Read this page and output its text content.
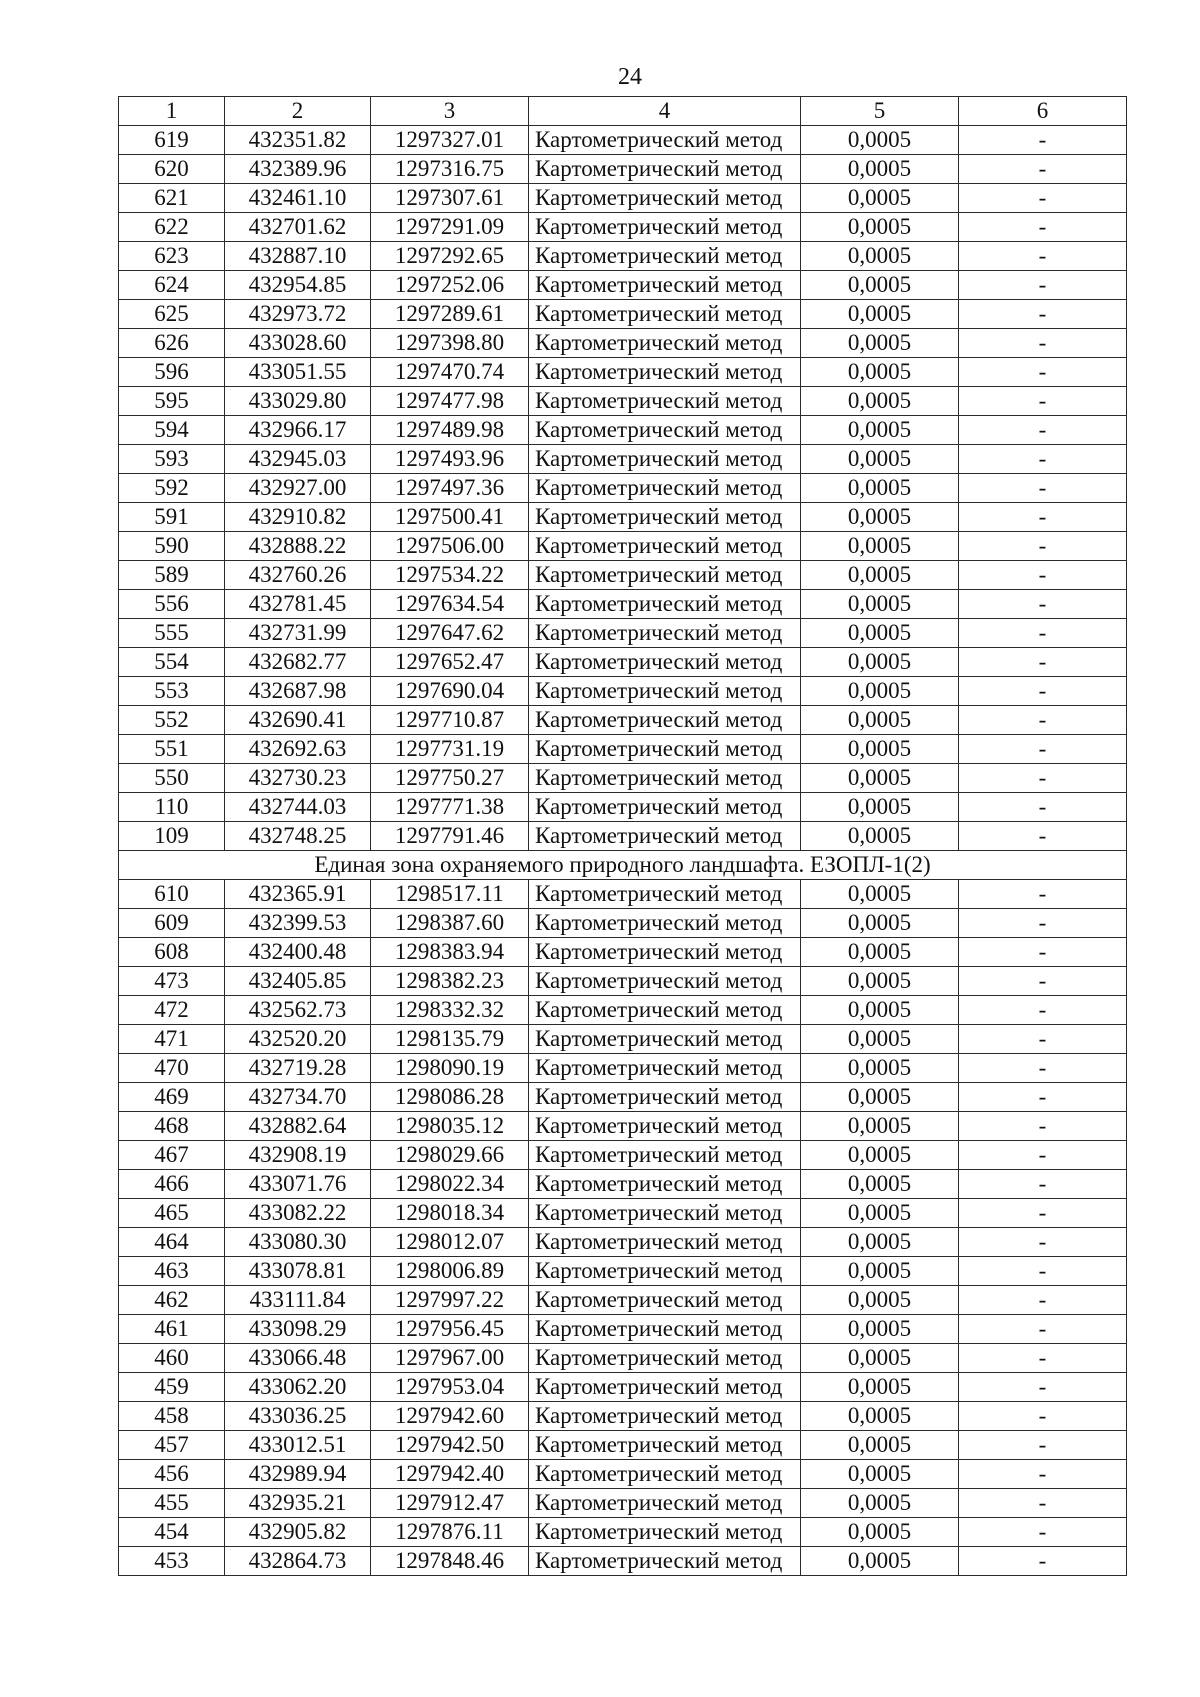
24
1	2	3	4	5	6
619	432351.82	1297327.01	Картометрический метод	0,0005	-
620	432389.96	1297316.75	Картометрический метод	0,0005	-
621	432461.10	1297307.61	Картометрический метод	0,0005	-
622	432701.62	1297291.09	Картометрический метод	0,0005	-
623	432887.10	1297292.65	Картометрический метод	0,0005	-
624	432954.85	1297252.06	Картометрический метод	0,0005	-
625	432973.72	1297289.61	Картометрический метод	0,0005	-
626	433028.60	1297398.80	Картометрический метод	0,0005	-
596	433051.55	1297470.74	Картометрический метод	0,0005	-
595	433029.80	1297477.98	Картометрический метод	0,0005	-
594	432966.17	1297489.98	Картометрический метод	0,0005	-
593	432945.03	1297493.96	Картометрический метод	0,0005	-
592	432927.00	1297497.36	Картометрический метод	0,0005	-
591	432910.82	1297500.41	Картометрический метод	0,0005	-
590	432888.22	1297506.00	Картометрический метод	0,0005	-
589	432760.26	1297534.22	Картометрический метод	0,0005	-
556	432781.45	1297634.54	Картометрический метод	0,0005	-
555	432731.99	1297647.62	Картометрический метод	0,0005	-
554	432682.77	1297652.47	Картометрический метод	0,0005	-
553	432687.98	1297690.04	Картометрический метод	0,0005	-
552	432690.41	1297710.87	Картометрический метод	0,0005	-
551	432692.63	1297731.19	Картометрический метод	0,0005	-
550	432730.23	1297750.27	Картометрический метод	0,0005	-
110	432744.03	1297771.38	Картометрический метод	0,0005	-
109	432748.25	1297791.46	Картометрический метод	0,0005	-
Единая зона охраняемого природного ландшафта. ЕЗОПЛ-1(2)					
610	432365.91	1298517.11	Картометрический метод	0,0005	-
609	432399.53	1298387.60	Картометрический метод	0,0005	-
608	432400.48	1298383.94	Картометрический метод	0,0005	-
473	432405.85	1298382.23	Картометрический метод	0,0005	-
472	432562.73	1298332.32	Картометрический метод	0,0005	-
471	432520.20	1298135.79	Картометрический метод	0,0005	-
470	432719.28	1298090.19	Картометрический метод	0,0005	-
469	432734.70	1298086.28	Картометрический метод	0,0005	-
468	432882.64	1298035.12	Картометрический метод	0,0005	-
467	432908.19	1298029.66	Картометрический метод	0,0005	-
466	433071.76	1298022.34	Картометрический метод	0,0005	-
465	433082.22	1298018.34	Картометрический метод	0,0005	-
464	433080.30	1298012.07	Картометрический метод	0,0005	-
463	433078.81	1298006.89	Картометрический метод	0,0005	-
462	433111.84	1297997.22	Картометрический метод	0,0005	-
461	433098.29	1297956.45	Картометрический метод	0,0005	-
460	433066.48	1297967.00	Картометрический метод	0,0005	-
459	433062.20	1297953.04	Картометрический метод	0,0005	-
458	433036.25	1297942.60	Картометрический метод	0,0005	-
457	433012.51	1297942.50	Картометрический метод	0,0005	-
456	432989.94	1297942.40	Картометрический метод	0,0005	-
455	432935.21	1297912.47	Картометрический метод	0,0005	-
454	432905.82	1297876.11	Картометрический метод	0,0005	-
453	432864.73	1297848.46	Картометрический метод	0,0005	-
